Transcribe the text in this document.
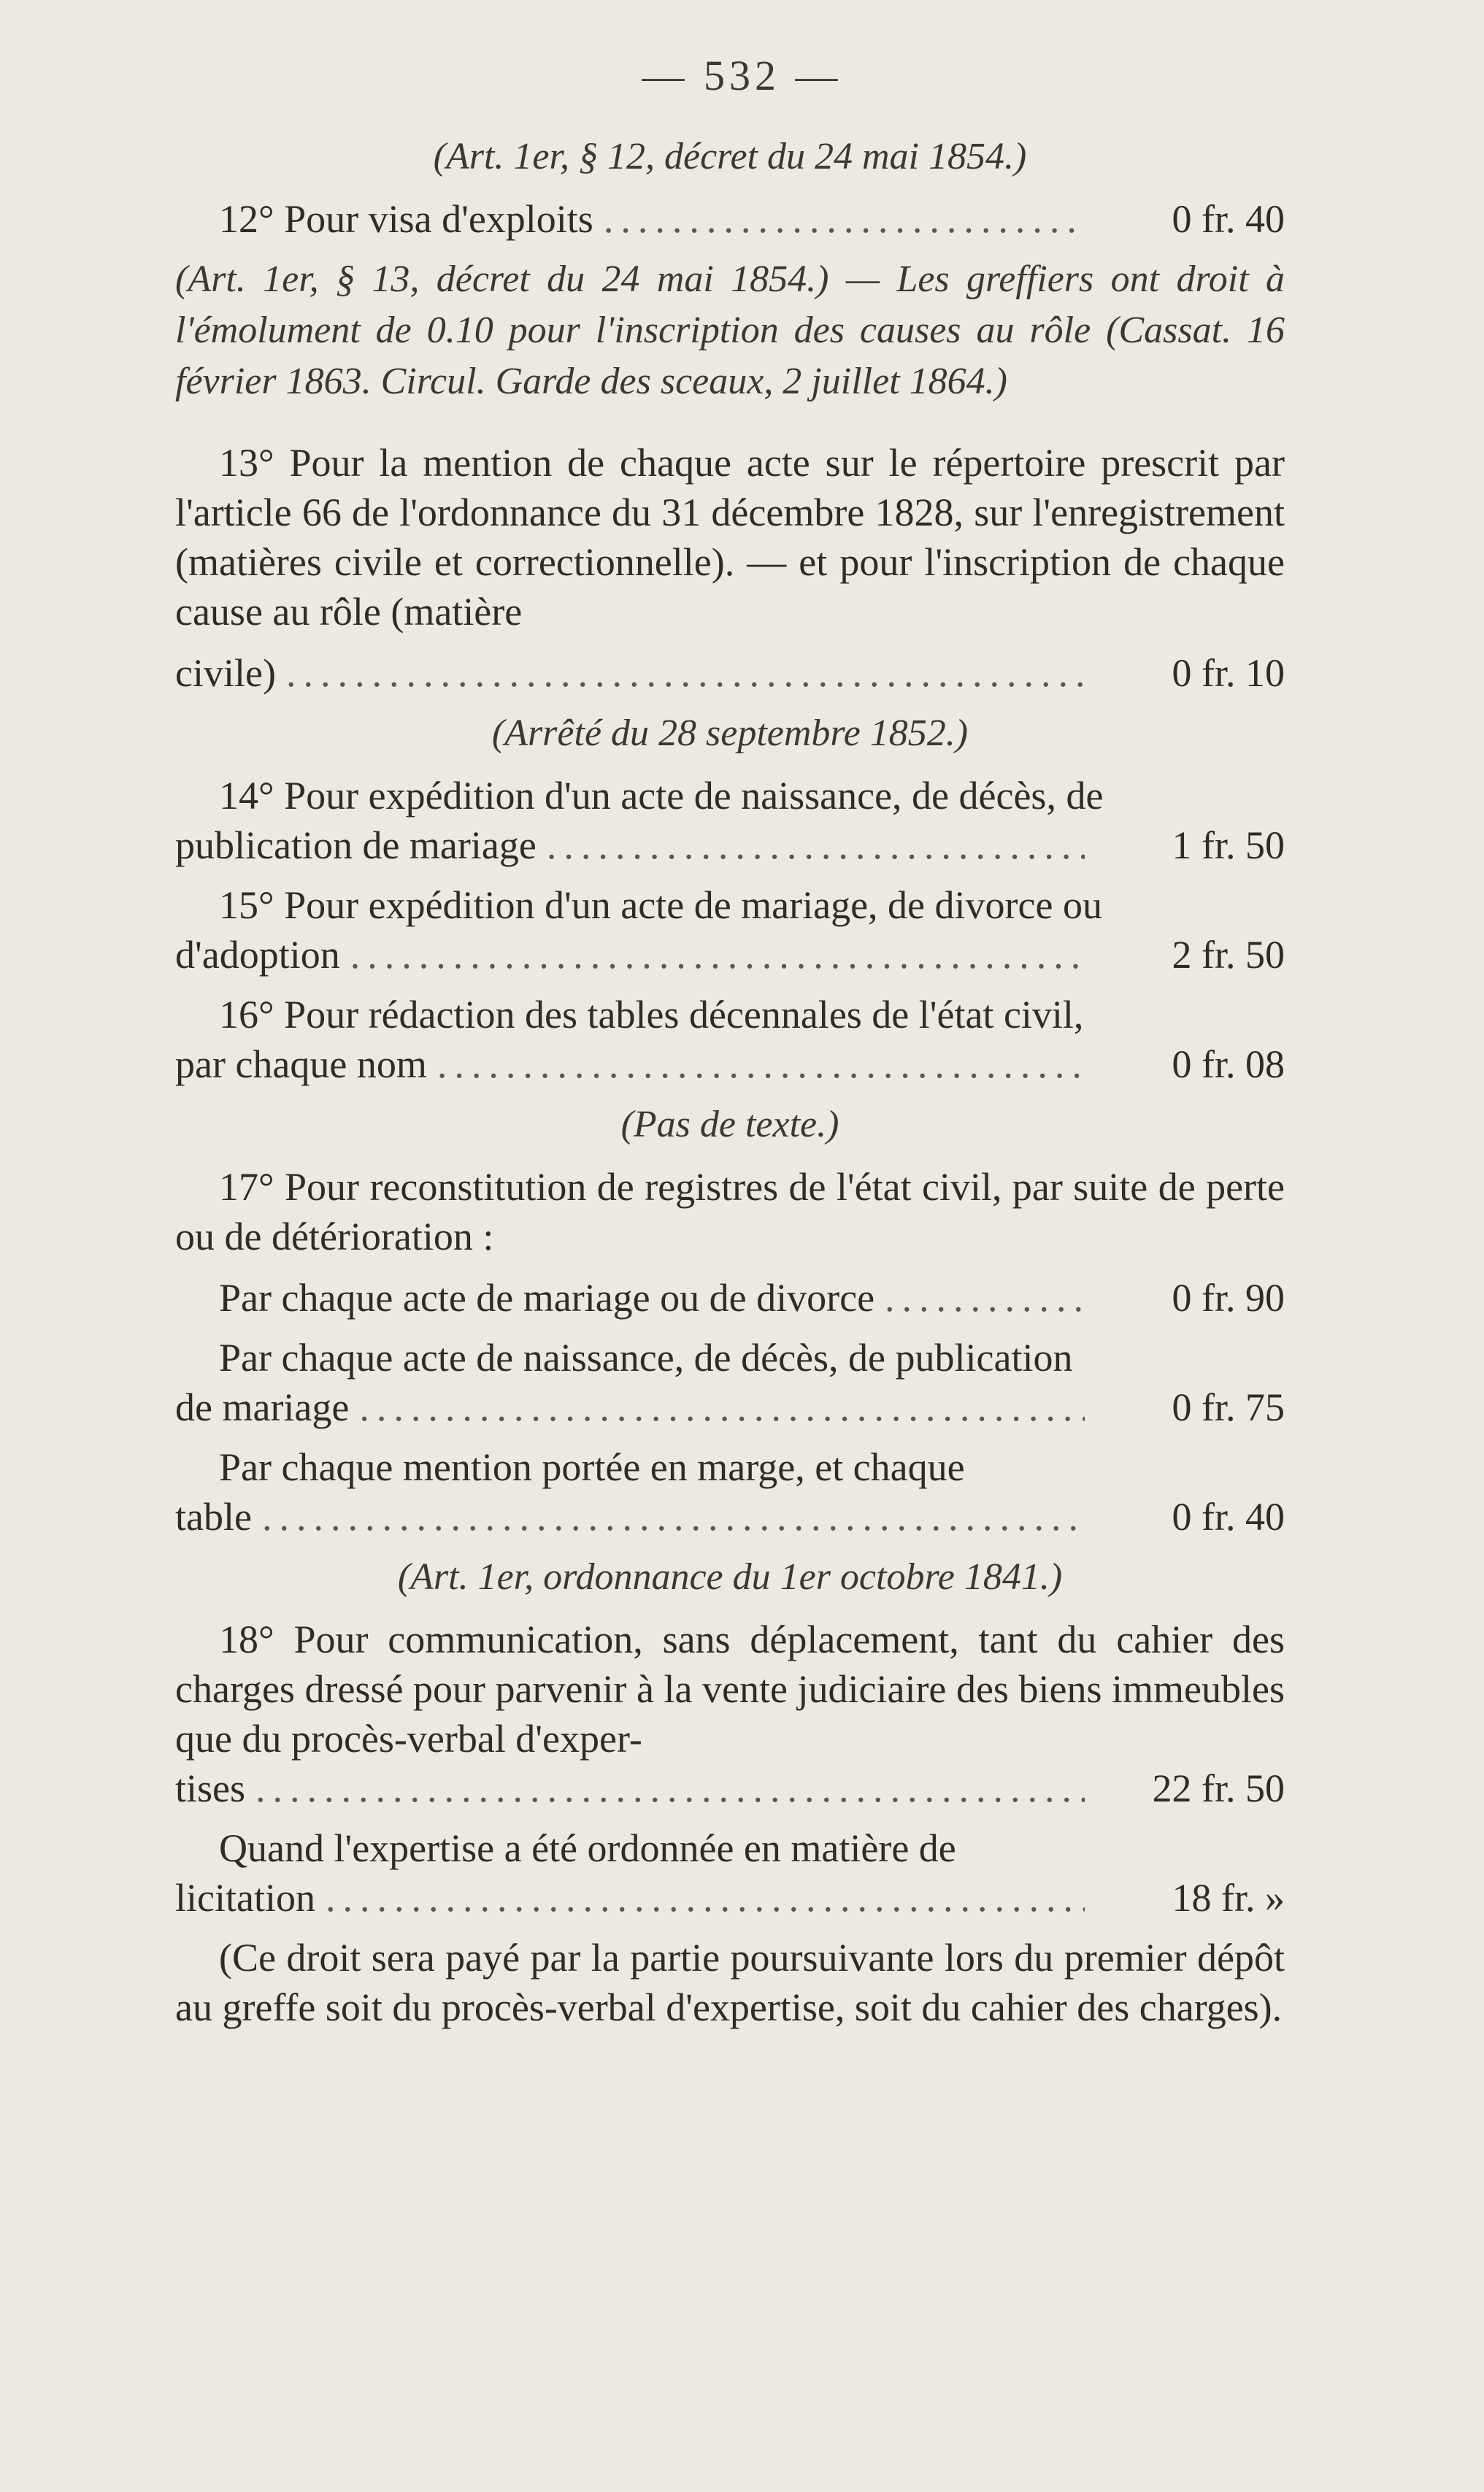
— 532 —

(Art. 1er, § 12, décret du 24 mai 1854.)

12° Pour visa d'exploits .....	0 fr. 40

(Art. 1er, § 13, décret du 24 mai 1854.) — Les greffiers ont droit à l'émolument de 0.10 pour l'inscription des causes au rôle (Cassat. 16 février 1863. Circul. Garde des sceaux, 2 juillet 1864.)

13° Pour la mention de chaque acte sur le répertoire prescrit par l'article 66 de l'ordonnance du 31 décembre 1828, sur l'enregistrement (matières civile et correctionnelle). — et pour l'inscription de chaque cause au rôle (matière

civile) .....	0 fr. 10

(Arrêté du 28 septembre 1852.)

14° Pour expédition d'un acte de naissance, de décès, de

publication de mariage .....	1 fr. 50

15° Pour expédition d'un acte de mariage, de divorce ou

d'adoption .....	2 fr. 50

16° Pour rédaction des tables décennales de l'état civil,

par chaque nom .....	0 fr. 08

(Pas de texte.)

17° Pour reconstitution de registres de l'état civil, par suite de perte ou de détérioration :

Par chaque acte de mariage ou de divorce .....	0 fr. 90

Par chaque acte de naissance, de décès, de publication

de mariage .....	0 fr. 75

Par chaque mention portée en marge, et chaque

table .....	0 fr. 40

(Art. 1er, ordonnance du 1er octobre 1841.)

18° Pour communication, sans déplacement, tant du cahier des charges dressé pour parvenir à la vente judiciaire des biens immeubles que du procès-verbal d'exper-

tises .....	22 fr. 50

Quand l'expertise a été ordonnée en matière de

licitation .....	18 fr. »

(Ce droit sera payé par la partie poursuivante lors du premier dépôt au greffe soit du procès-verbal d'expertise, soit du cahier des charges).
